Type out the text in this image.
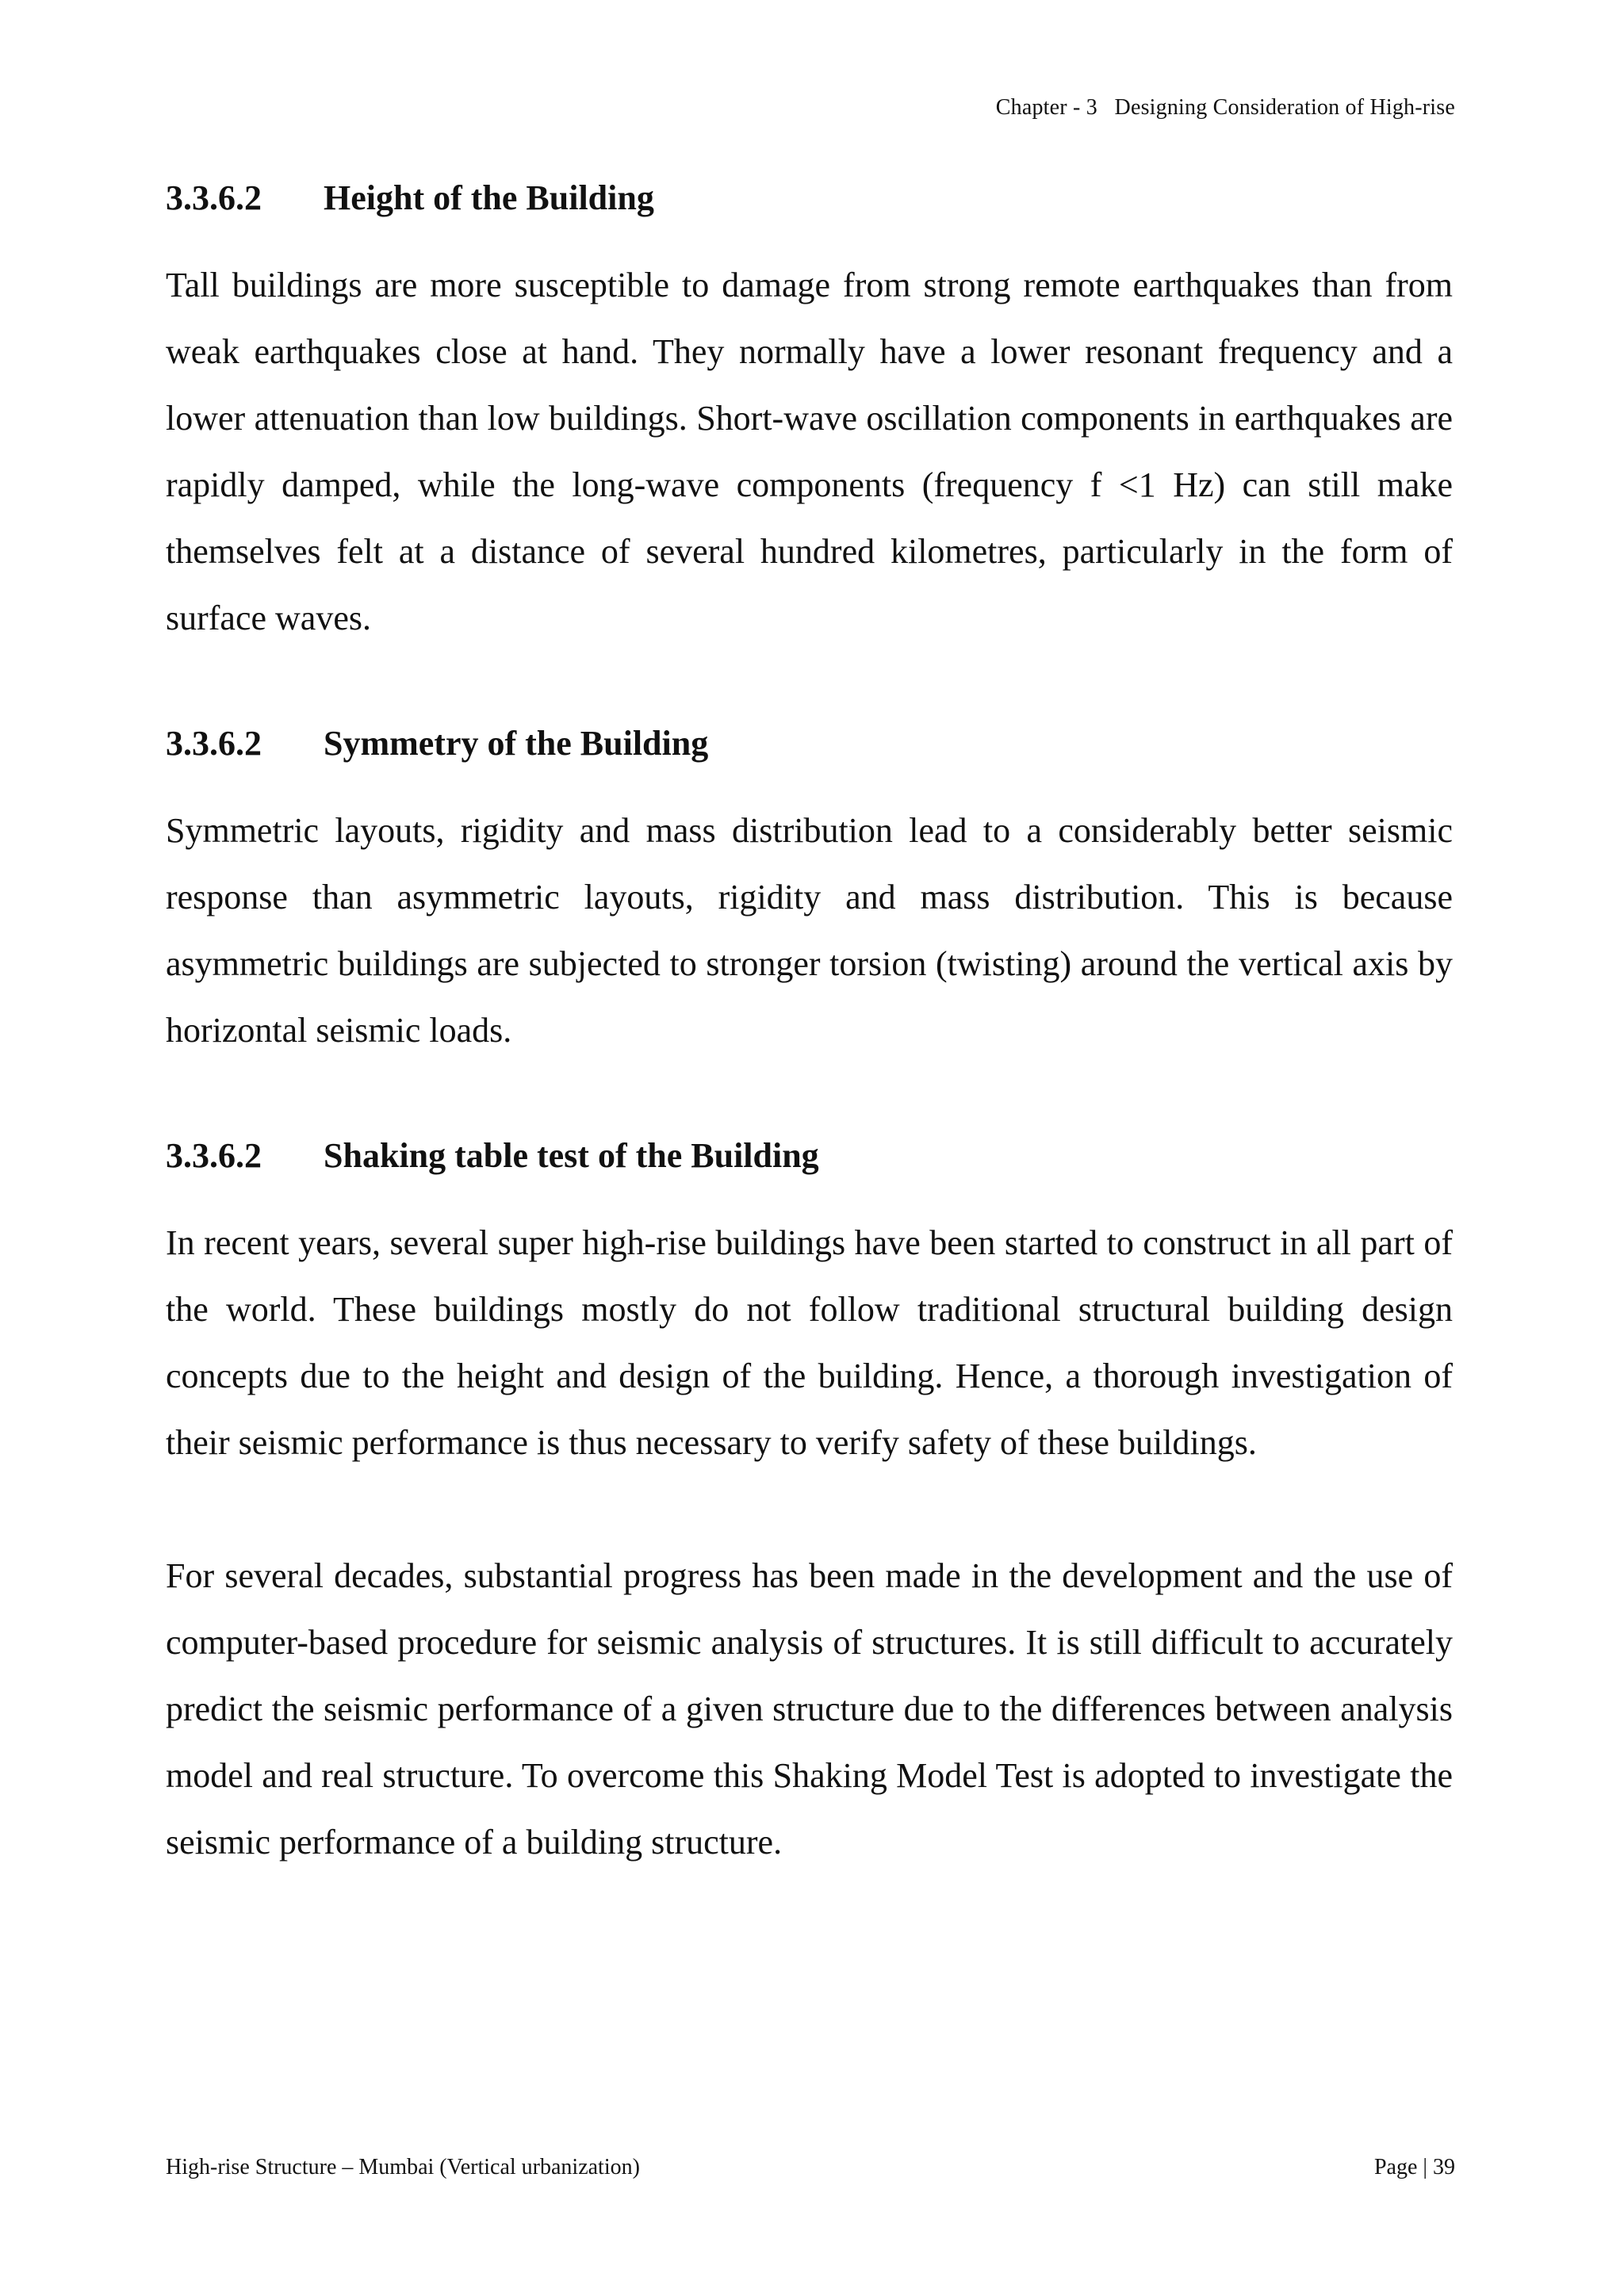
Chapter - 3   Designing Consideration of High-rise
3.3.6.2	Height of the Building

Tall buildings are more susceptible to damage from strong remote earthquakes than from weak earthquakes close at hand. They normally have a lower resonant frequency and a lower attenuation than low buildings. Short-wave oscillation components in earthquakes are rapidly damped, while the long-wave components (frequency f <1 Hz) can still make themselves felt at a distance of several hundred kilometres, particularly in the form of surface waves.

3.3.6.2	Symmetry of the Building

Symmetric layouts, rigidity and mass distribution lead to a considerably better seismic response than asymmetric layouts, rigidity and mass distribution. This is because asymmetric buildings are subjected to stronger torsion (twisting) around the vertical axis by horizontal seismic loads.

3.3.6.2	Shaking table test of the Building

In recent years, several super high-rise buildings have been started to construct in all part of the world. These buildings mostly do not follow traditional structural building design concepts due to the height and design of the building. Hence, a thorough investigation of their seismic performance is thus necessary to verify safety of these buildings.

For several decades, substantial progress has been made in the development and the use of computer-based procedure for seismic analysis of structures. It is still difficult to accurately predict the seismic performance of a given structure due to the differences between analysis model and real structure. To overcome this Shaking Model Test is adopted to investigate the seismic performance of a building structure.

High-rise Structure – Mumbai (Vertical urbanization)	Page | 39
